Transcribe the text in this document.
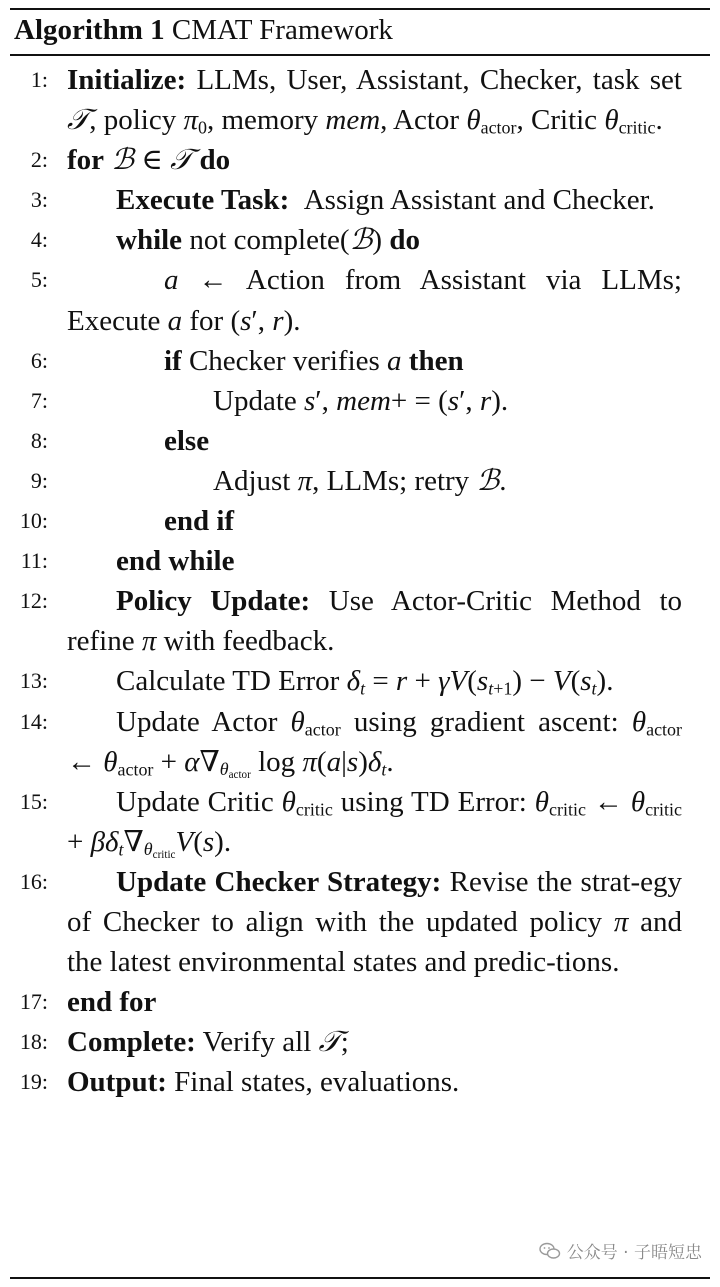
Algorithm 1 CMAT Framework
1: Initialize: LLMs, User, Assistant, Checker, task set 𝒯, policy $\pi_0$, memory mem, Actor $\theta_{actor}$, Critic $\theta_{critic}$.
2: for ℬ ∈ 𝒯 do
3:	Execute Task:  Assign Assistant and Checker.
4:	while not complete(ℬ) do
5:	a ← Action from Assistant via LLMs; Execute a for (s′, r).
6:	if Checker verifies a then
7:	Update s′, mem+ = (s′, r).
8:	else
9:	Adjust π, LLMs; retry ℬ.
10:	end if
11:	end while
12:	Policy Update: Use Actor-Critic Method to refine π with feedback.
13:	Calculate TD Error $\delta_t = r + \gamma V(s_{t+1}) - V(s_t)$.
14:	Update Actor $\theta_{actor}$ using gradient ascent: $\theta_{actor}$ ← $\theta_{actor} + \alpha\nabla_{\theta_{actor}}$ $\log \pi(a|s)\delta_t$.
15:	Update Critic $\theta_{critic}$ using TD Error: $\theta_{critic}$ ← $\theta_{critic} + \beta\delta_t\nabla_{\theta_{critic}}V(s)$.
16:	Update Checker Strategy: Revise the strat-egy of Checker to align with the updated policy π and the latest environmental states and predic-tions.
17: end for
18: Complete: Verify all 𝒯;
19: Output: Final states, evaluations.
公众号 · 子晤短忠
